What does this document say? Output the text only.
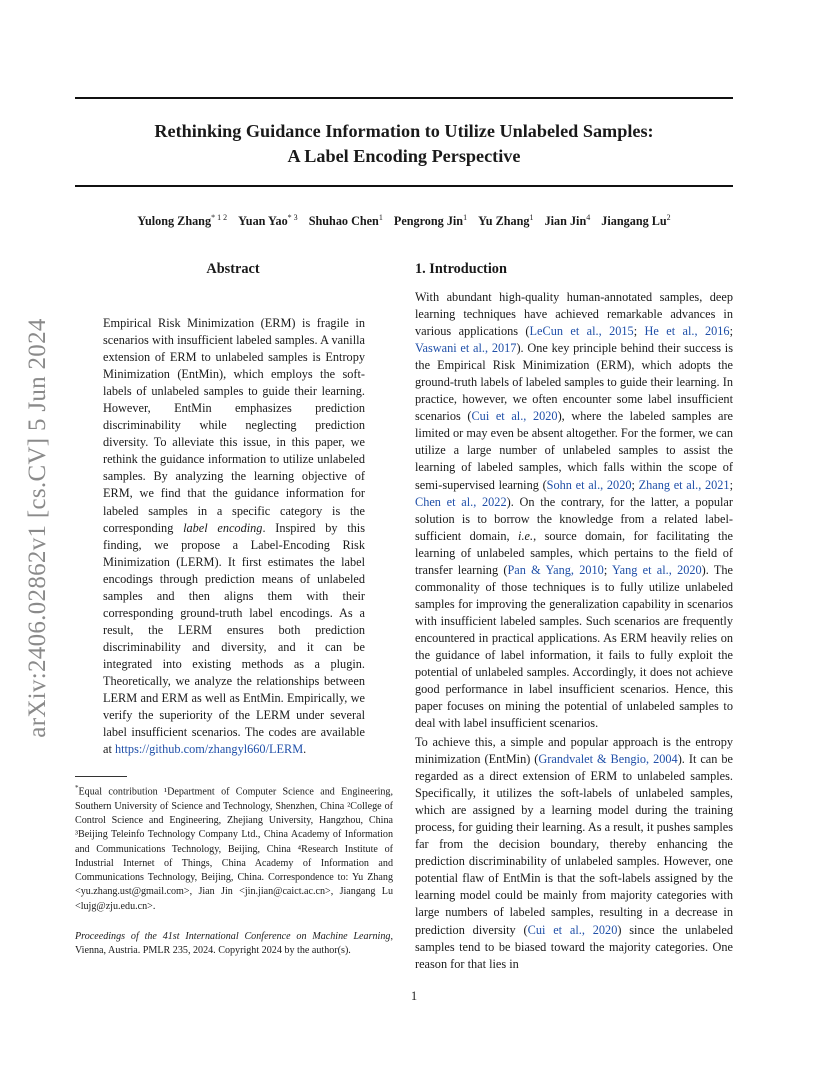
arXiv:2406.02862v1 [cs.CV] 5 Jun 2024
Rethinking Guidance Information to Utilize Unlabeled Samples:
A Label Encoding Perspective
Yulong Zhang$^{* 1 2}$ Yuan Yao$^{* 3}$ Shuhao Chen$^1$ Pengrong Jin$^1$ Yu Zhang$^1$ Jian Jin$^4$ Jiangang Lu$^2$
Abstract
Empirical Risk Minimization (ERM) is fragile in scenarios with insufficient labeled samples. A vanilla extension of ERM to unlabeled samples is Entropy Minimization (EntMin), which employs the soft-labels of unlabeled samples to guide their learning. However, EntMin emphasizes prediction discriminability while neglecting prediction diversity. To alleviate this issue, in this paper, we rethink the guidance information to utilize unlabeled samples. By analyzing the learning objective of ERM, we find that the guidance information for labeled samples in a specific category is the corresponding label encoding. Inspired by this finding, we propose a Label-Encoding Risk Minimization (LERM). It first estimates the label encodings through prediction means of unlabeled samples and then aligns them with their corresponding ground-truth label encodings. As a result, the LERM ensures both prediction discriminability and diversity, and it can be integrated into existing methods as a plugin. Theoretically, we analyze the relationships between LERM and ERM as well as EntMin. Empirically, we verify the superiority of the LERM under several label insufficient scenarios. The codes are available at https://github.com/zhangyl660/LERM.
*Equal contribution ¹Department of Computer Science and Engineering, Southern University of Science and Technology, Shenzhen, China ²College of Control Science and Engineering, Zhejiang University, Hangzhou, China ³Beijing Teleinfo Technology Company Ltd., China Academy of Information and Communications Technology, Beijing, China ⁴Research Institute of Industrial Internet of Things, China Academy of Information and Communications Technology, Beijing, China. Correspondence to: Yu Zhang <yu.zhang.ust@gmail.com>, Jian Jin <jin.jian@caict.ac.cn>, Jiangang Lu <lujg@zju.edu.cn>.
Proceedings of the 41st International Conference on Machine Learning, Vienna, Austria. PMLR 235, 2024. Copyright 2024 by the author(s).
1. Introduction
With abundant high-quality human-annotated samples, deep learning techniques have achieved remarkable advances in various applications (LeCun et al., 2015; He et al., 2016; Vaswani et al., 2017). One key principle behind their success is the Empirical Risk Minimization (ERM), which adopts the ground-truth labels of labeled samples to guide their learning. In practice, however, we often encounter some label insufficient scenarios (Cui et al., 2020), where the labeled samples are limited or may even be absent altogether. For the former, we can utilize a large number of unlabeled samples to assist the learning of labeled samples, which falls within the scope of semi-supervised learning (Sohn et al., 2020; Zhang et al., 2021; Chen et al., 2022). On the contrary, for the latter, a popular solution is to borrow the knowledge from a related label-sufficient domain, i.e., source domain, for facilitating the learning of unlabeled samples, which pertains to the field of transfer learning (Pan & Yang, 2010; Yang et al., 2020). The commonality of those techniques is to fully utilize unlabeled samples for improving the generalization capability in scenarios with insufficient labeled samples. Such scenarios are frequently encountered in practical applications. As ERM heavily relies on the guidance of label information, it fails to fully exploit the potential of unlabeled samples. Accordingly, it does not achieve good performance in label insufficient scenarios. Hence, this paper focuses on mining the potential of unlabeled samples to deal with label insufficient scenarios.
To achieve this, a simple and popular approach is the entropy minimization (EntMin) (Grandvalet & Bengio, 2004). It can be regarded as a direct extension of ERM to unlabeled samples. Specifically, it utilizes the soft-labels of unlabeled samples, which are assigned by a learning model during the training process, for guiding their learning. As a result, it pushes samples far from the decision boundary, thereby enhancing the prediction discriminability of unlabeled samples. However, one potential flaw of EntMin is that the soft-labels assigned by the learning model could be mainly from majority categories with large numbers of labeled samples, resulting in a decrease in prediction diversity (Cui et al., 2020) since the unlabeled samples tend to be biased toward the majority categories. One reason for that lies in
1
